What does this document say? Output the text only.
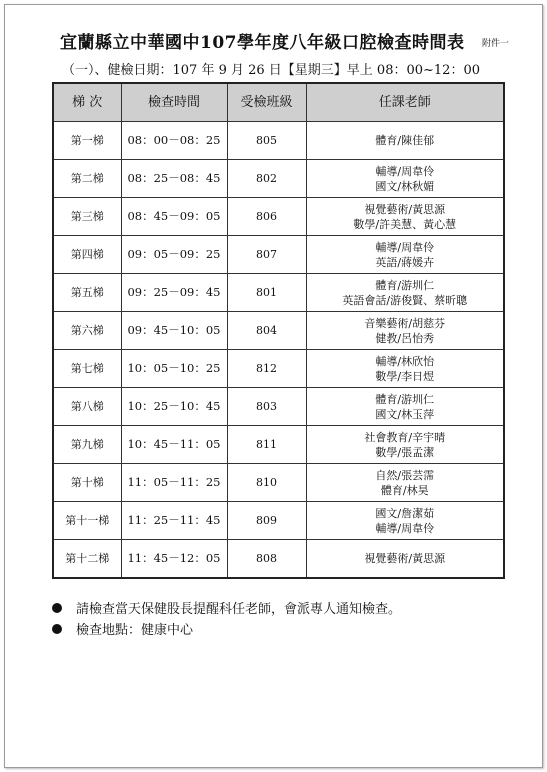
宜蘭縣立中華國中107學年度八年級口腔檢查時間表	附件一
（一）、健檢日期：107 年 9 月 26 日【星期三】早上 08：00~12：00
梯 次	檢查時間	受檢班級	任課老師
第一梯	08：00－08：25	805	體育/陳佳郁

第二梯	08：25－08：45	802	輔導/周韋伶
國文/林秋媚

第三梯	08：45－09：05	806	視覺藝術/黃思源
數學/許美慧、黃心慧

第四梯	09：05－09：25	807	輔導/周韋伶
英語/蔣媛卉

第五梯	09：25－09：45	801	體育/游圳仁
英語會話/游俊賢、蔡昕聰

第六梯	09：45－10：05	804	音樂藝術/胡慈芬
健教/呂怡秀

第七梯	10：05－10：25	812	輔導/林欣怡
數學/李日煜

第八梯	10：25－10：45	803	體育/游圳仁
國文/林玉萍

第九梯	10：45－11：05	811	社會教育/辛宇晴
數學/張孟潔

第十梯	11：05－11：25	810	自然/張芸霈
體育/林昊

第十一梯	11：25－11：45	809	國文/詹潔茹
輔導/周韋伶

第十二梯	11：45－12：05	808	視覺藝術/黃思源
請檢查當天保健股長提醒科任老師，會派專人通知檢查。
檢查地點：健康中心
